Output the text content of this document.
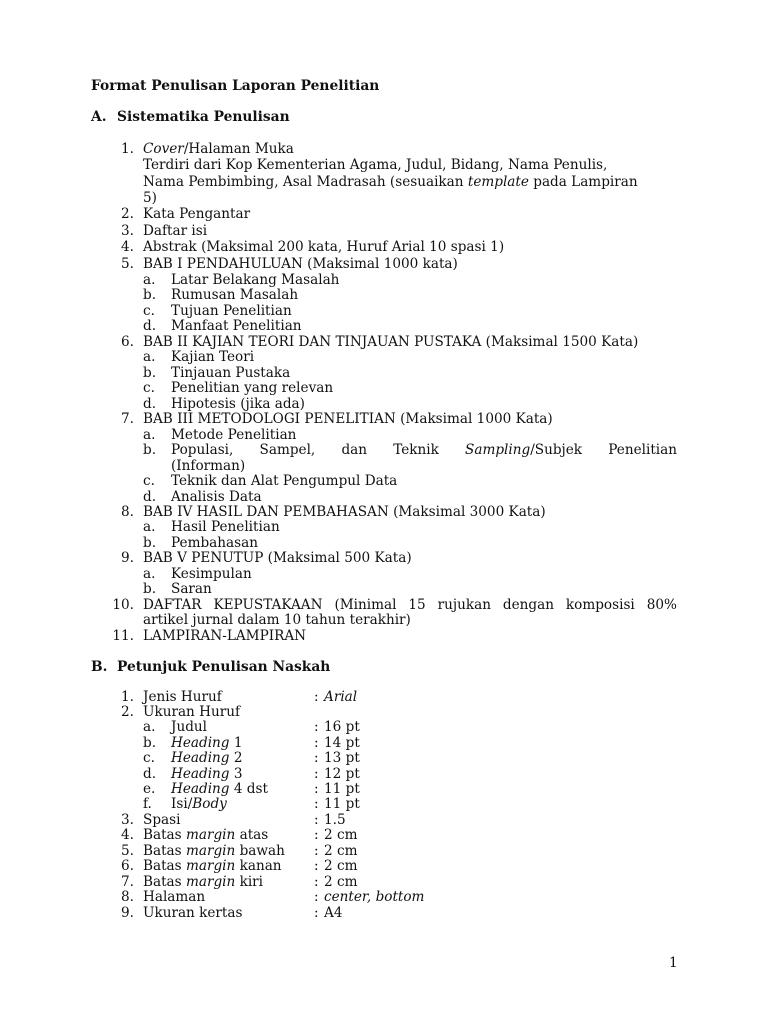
Format Penulisan Laporan Penelitian
A. Sistematika Penulisan
1. Cover/Halaman Muka
Terdiri dari Kop Kementerian Agama, Judul, Bidang, Nama Penulis,
Nama Pembimbing, Asal Madrasah (sesuaikan template pada Lampiran
5)
2. Kata Pengantar
3. Daftar isi
4. Abstrak (Maksimal 200 kata, Huruf Arial 10 spasi 1)
5. BAB I PENDAHULUAN (Maksimal 1000 kata)
a.	Latar Belakang Masalah
b.	Rumusan Masalah
c.	Tujuan Penelitian
d.	Manfaat Penelitian
6. BAB II KAJIAN TEORI DAN TINJAUAN PUSTAKA (Maksimal 1500 Kata)
a.	Kajian Teori
b.	Tinjauan Pustaka
c.	Penelitian yang relevan
d.	Hipotesis (jika ada)
7. BAB III METODOLOGI PENELITIAN (Maksimal 1000 Kata)
a.	Metode Penelitian
b.	Populasi, Sampel, dan Teknik Sampling/Subjek Penelitian
(Informan)
c.	Teknik dan Alat Pengumpul Data
d.	Analisis Data
8. BAB IV HASIL DAN PEMBAHASAN (Maksimal 3000 Kata)
a.	Hasil Penelitian
b.	Pembahasan
9. BAB V PENUTUP (Maksimal 500 Kata)
a.	Kesimpulan
b.	Saran
10. DAFTAR KEPUSTAKAAN (Minimal 15 rujukan dengan komposisi 80%
artikel jurnal dalam 10 tahun terakhir)
11. LAMPIRAN-LAMPIRAN
B. Petunjuk Penulisan Naskah
1. Jenis Huruf	: Arial
2. Ukuran Huruf
a.	Judul	: 16 pt
b.	Heading 1	: 14 pt
c.	Heading 2	: 13 pt
d.	Heading 3	: 12 pt
e.	Heading 4 dst	: 11 pt
f.	Isi/Body	: 11 pt
3. Spasi	: 1.5
4. Batas margin atas	: 2 cm
5. Batas margin bawah : 2 cm
6. Batas margin kanan : 2 cm
7. Batas margin kiri	: 2 cm
8. Halaman	: center, bottom
9. Ukuran kertas	: A4
1
